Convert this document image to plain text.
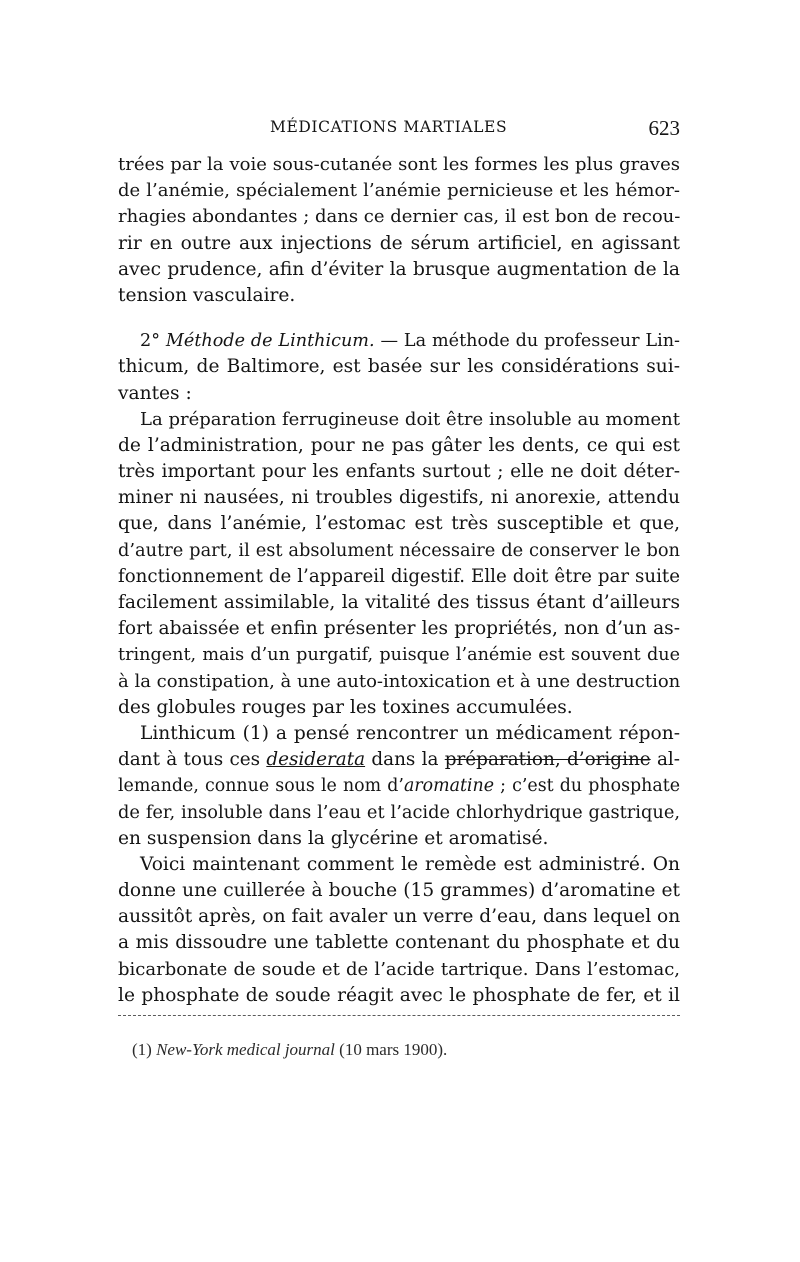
MÉDICATIONS MARTIALES	623
trées par la voie sous-cutanée sont les formes les plus graves
de l’anémie, spécialement l’anémie pernicieuse et les hémor-
rhagies abondantes ; dans ce dernier cas, il est bon de recou-
rir en outre aux injections de sérum artificiel, en agissant
avec prudence, afin d’éviter la brusque augmentation de la
tension vasculaire.
2° Méthode de Linthicum. — La méthode du professeur Lin-
thicum, de Baltimore, est basée sur les considérations sui-
vantes :
La préparation ferrugineuse doit être insoluble au moment
de l’administration, pour ne pas gâter les dents, ce qui est
très important pour les enfants surtout ; elle ne doit déter-
miner ni nausées, ni troubles digestifs, ni anorexie, attendu
que, dans l’anémie, l’estomac est très susceptible et que,
d’autre part, il est absolument nécessaire de conserver le bon
fonctionnement de l’appareil digestif. Elle doit être par suite
facilement assimilable, la vitalité des tissus étant d’ailleurs
fort abaissée et enfin présenter les propriétés, non d’un as-
tringent, mais d’un purgatif, puisque l’anémie est souvent due
à la constipation, à une auto-intoxication et à une destruction
des globules rouges par les toxines accumulées.
Linthicum (1) a pensé rencontrer un médicament répon-
dant à tous ces desiderata dans la préparation, d’origine al-
lemande, connue sous le nom d’aromatine ; c’est du phosphate
de fer, insoluble dans l’eau et l’acide chlorhydrique gastrique,
en suspension dans la glycérine et aromatisé.
Voici maintenant comment le remède est administré. On
donne une cuillerée à bouche (15 grammes) d’aromatine et
aussitôt après, on fait avaler un verre d’eau, dans lequel on
a mis dissoudre une tablette contenant du phosphate et du
bicarbonate de soude et de l’acide tartrique. Dans l’estomac,
le phosphate de soude réagit avec le phosphate de fer, et il
(1) New-York medical journal (10 mars 1900).
